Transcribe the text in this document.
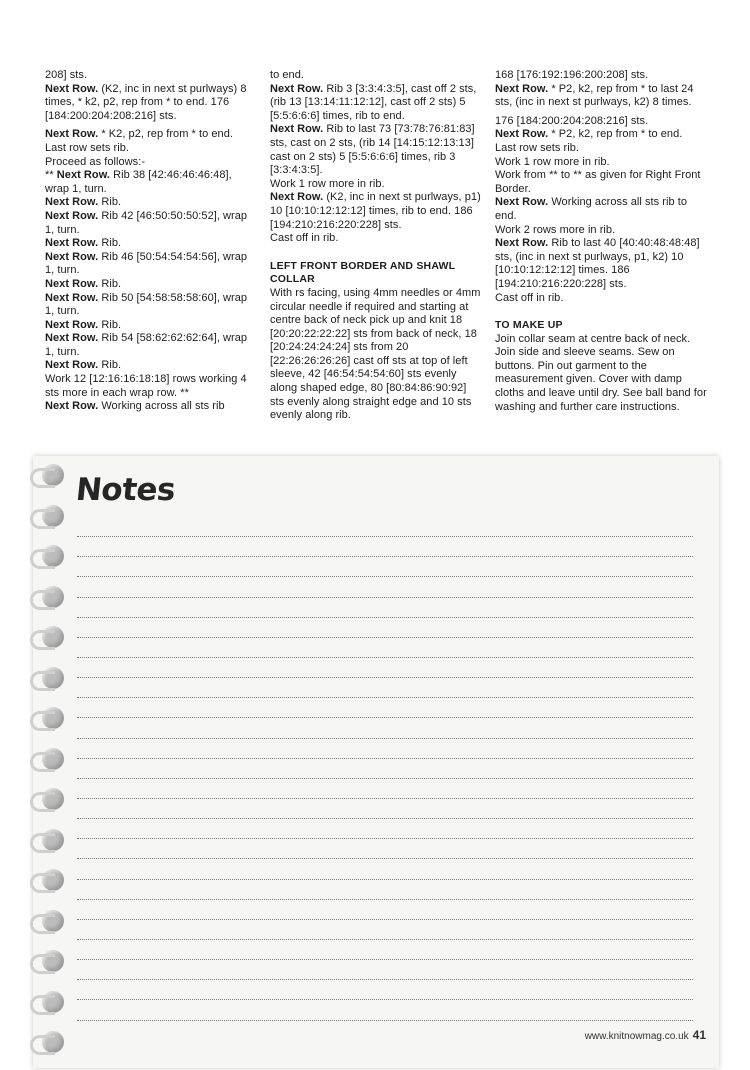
208] sts.

Next Row. (K2, inc in next st purlways) 8 times, * k2, p2, rep from * to end. 176 [184:200:204:208:216] sts.

Next Row. * K2, p2, rep from * to end.

Last row sets rib.

Proceed as follows:-

** Next Row. Rib 38 [42:46:46:46:48], wrap 1, turn.

Next Row. Rib.

Next Row. Rib 42 [46:50:50:50:52], wrap 1, turn.

Next Row. Rib.

Next Row. Rib 46 [50:54:54:54:56], wrap 1, turn.

Next Row. Rib.

Next Row. Rib 50 [54:58:58:58:60], wrap 1, turn.

Next Row. Rib.

Next Row. Rib 54 [58:62:62:62:64], wrap 1, turn.

Next Row. Rib.

Work 12 [12:16:16:18:18] rows working 4 sts more in each wrap row. **

Next Row. Working across all sts rib

to end.

Next Row. Rib 3 [3:3:4:3:5], cast off 2 sts, (rib 13 [13:14:11:12:12], cast off 2 sts) 5 [5:5:6:6:6] times, rib to end.

Next Row. Rib to last 73 [73:78:76:81:83] sts, cast on 2 sts, (rib 14 [14:15:12:13:13] cast on 2 sts) 5 [5:5:6:6:6] times, rib 3 [3:3:4:3:5].

Work 1 row more in rib.

Next Row. (K2, inc in next st purlways, p1) 10 [10:10:12:12:12] times, rib to end. 186 [194:210:216:220:228] sts.

Cast off in rib.

LEFT FRONT BORDER AND SHAWL COLLAR

With rs facing, using 4mm needles or 4mm circular needle if required and starting at centre back of neck pick up and knit 18 [20:20:22:22:22] sts from back of neck, 18 [20:24:24:24:24] sts from 20 [22:26:26:26:26] cast off sts at top of left sleeve, 42 [46:54:54:54:60] sts evenly along shaped edge, 80 [80:84:86:90:92] sts evenly along straight edge and 10 sts evenly along rib.

168 [176:192:196:200:208] sts.

Next Row. * P2, k2, rep from * to last 24 sts, (inc in next st purlways, k2) 8 times.

176 [184:200:204:208:216] sts.

Next Row. * P2, k2, rep from * to end.

Last row sets rib.

Work 1 row more in rib.

Work from ** to ** as given for Right Front Border.

Next Row. Working across all sts rib to end.

Work 2 rows more in rib.

Next Row. Rib to last 40 [40:40:48:48:48] sts, (inc in next st purlways, p1, k2) 10 [10:10:12:12:12] times. 186 [194:210:216:220:228] sts.

Cast off in rib.

TO MAKE UP

Join collar seam at centre back of neck. Join side and sleeve seams. Sew on buttons. Pin out garment to the measurement given. Cover with damp cloths and leave until dry. See ball band for washing and further care instructions.

Notes
www.knitnowmag.co.uk 41
